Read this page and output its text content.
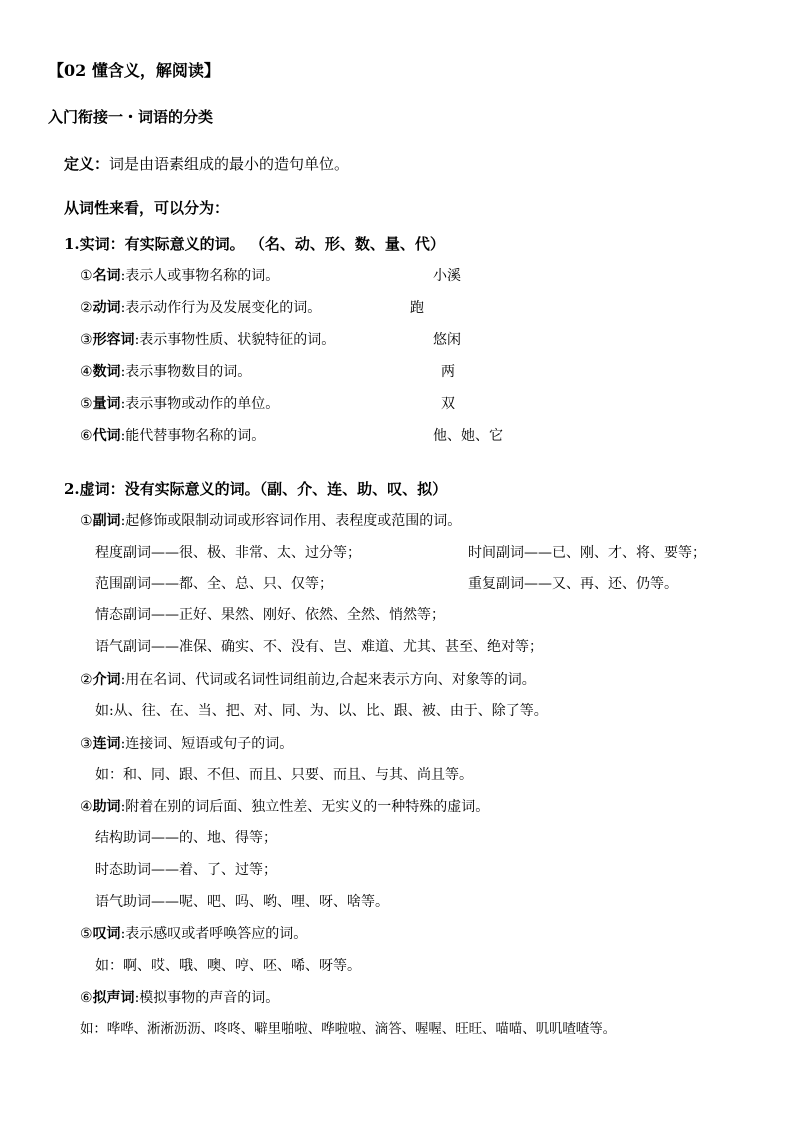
【02 懂含义，解阅读】
入门衔接一・词语的分类
定义：词是由语素组成的最小的造句单位。
从词性来看，可以分为：
1.实词：有实际意义的词。 （名、动、形、数、量、代）
①名词:表示人或事物名称的词。	小溪
②动词:表示动作行为及发展变化的词。	跑
③形容词:表示事物性质、状貌特征的词。	悠闲
④数词:表示事物数目的词。	两
⑤量词:表示事物或动作的单位。	双
⑥代词:能代替事物名称的词。	他、她、它
2.虚词：没有实际意义的词。（副、介、连、助、叹、拟）
①副词:起修饰或限制动词或形容词作用、表程度或范围的词。
程度副词——很、极、非常、太、过分等；	时间副词——已、刚、才、将、要等；
范围副词——都、全、总、只、仅等；	重复副词——又、再、还、仍等。
情态副词——正好、果然、刚好、依然、全然、悄然等；
语气副词——准保、确实、不、没有、岂、难道、尤其、甚至、绝对等；
②介词:用在名词、代词或名词性词组前边,合起来表示方向、对象等的词。
如:从、往、在、当、把、对、同、为、以、比、跟、被、由于、除了等。
③连词:连接词、短语或句子的词。
如：和、同、跟、不但、而且、只要、而且、与其、尚且等。
④助词:附着在别的词后面、独立性差、无实义的一种特殊的虚词。
结构助词——的、地、得等；
时态助词——着、了、过等；
语气助词——呢、吧、吗、哟、哩、呀、啥等。
⑤叹词:表示感叹或者呼唤答应的词。
如：啊、哎、哦、噢、哼、呸、唏、呀等。
⑥拟声词:模拟事物的声音的词。
如：哗哗、淅淅沥沥、咚咚、噼里啪啦、哗啦啦、滴答、喔喔、旺旺、喵喵、叽叽喳喳等。
